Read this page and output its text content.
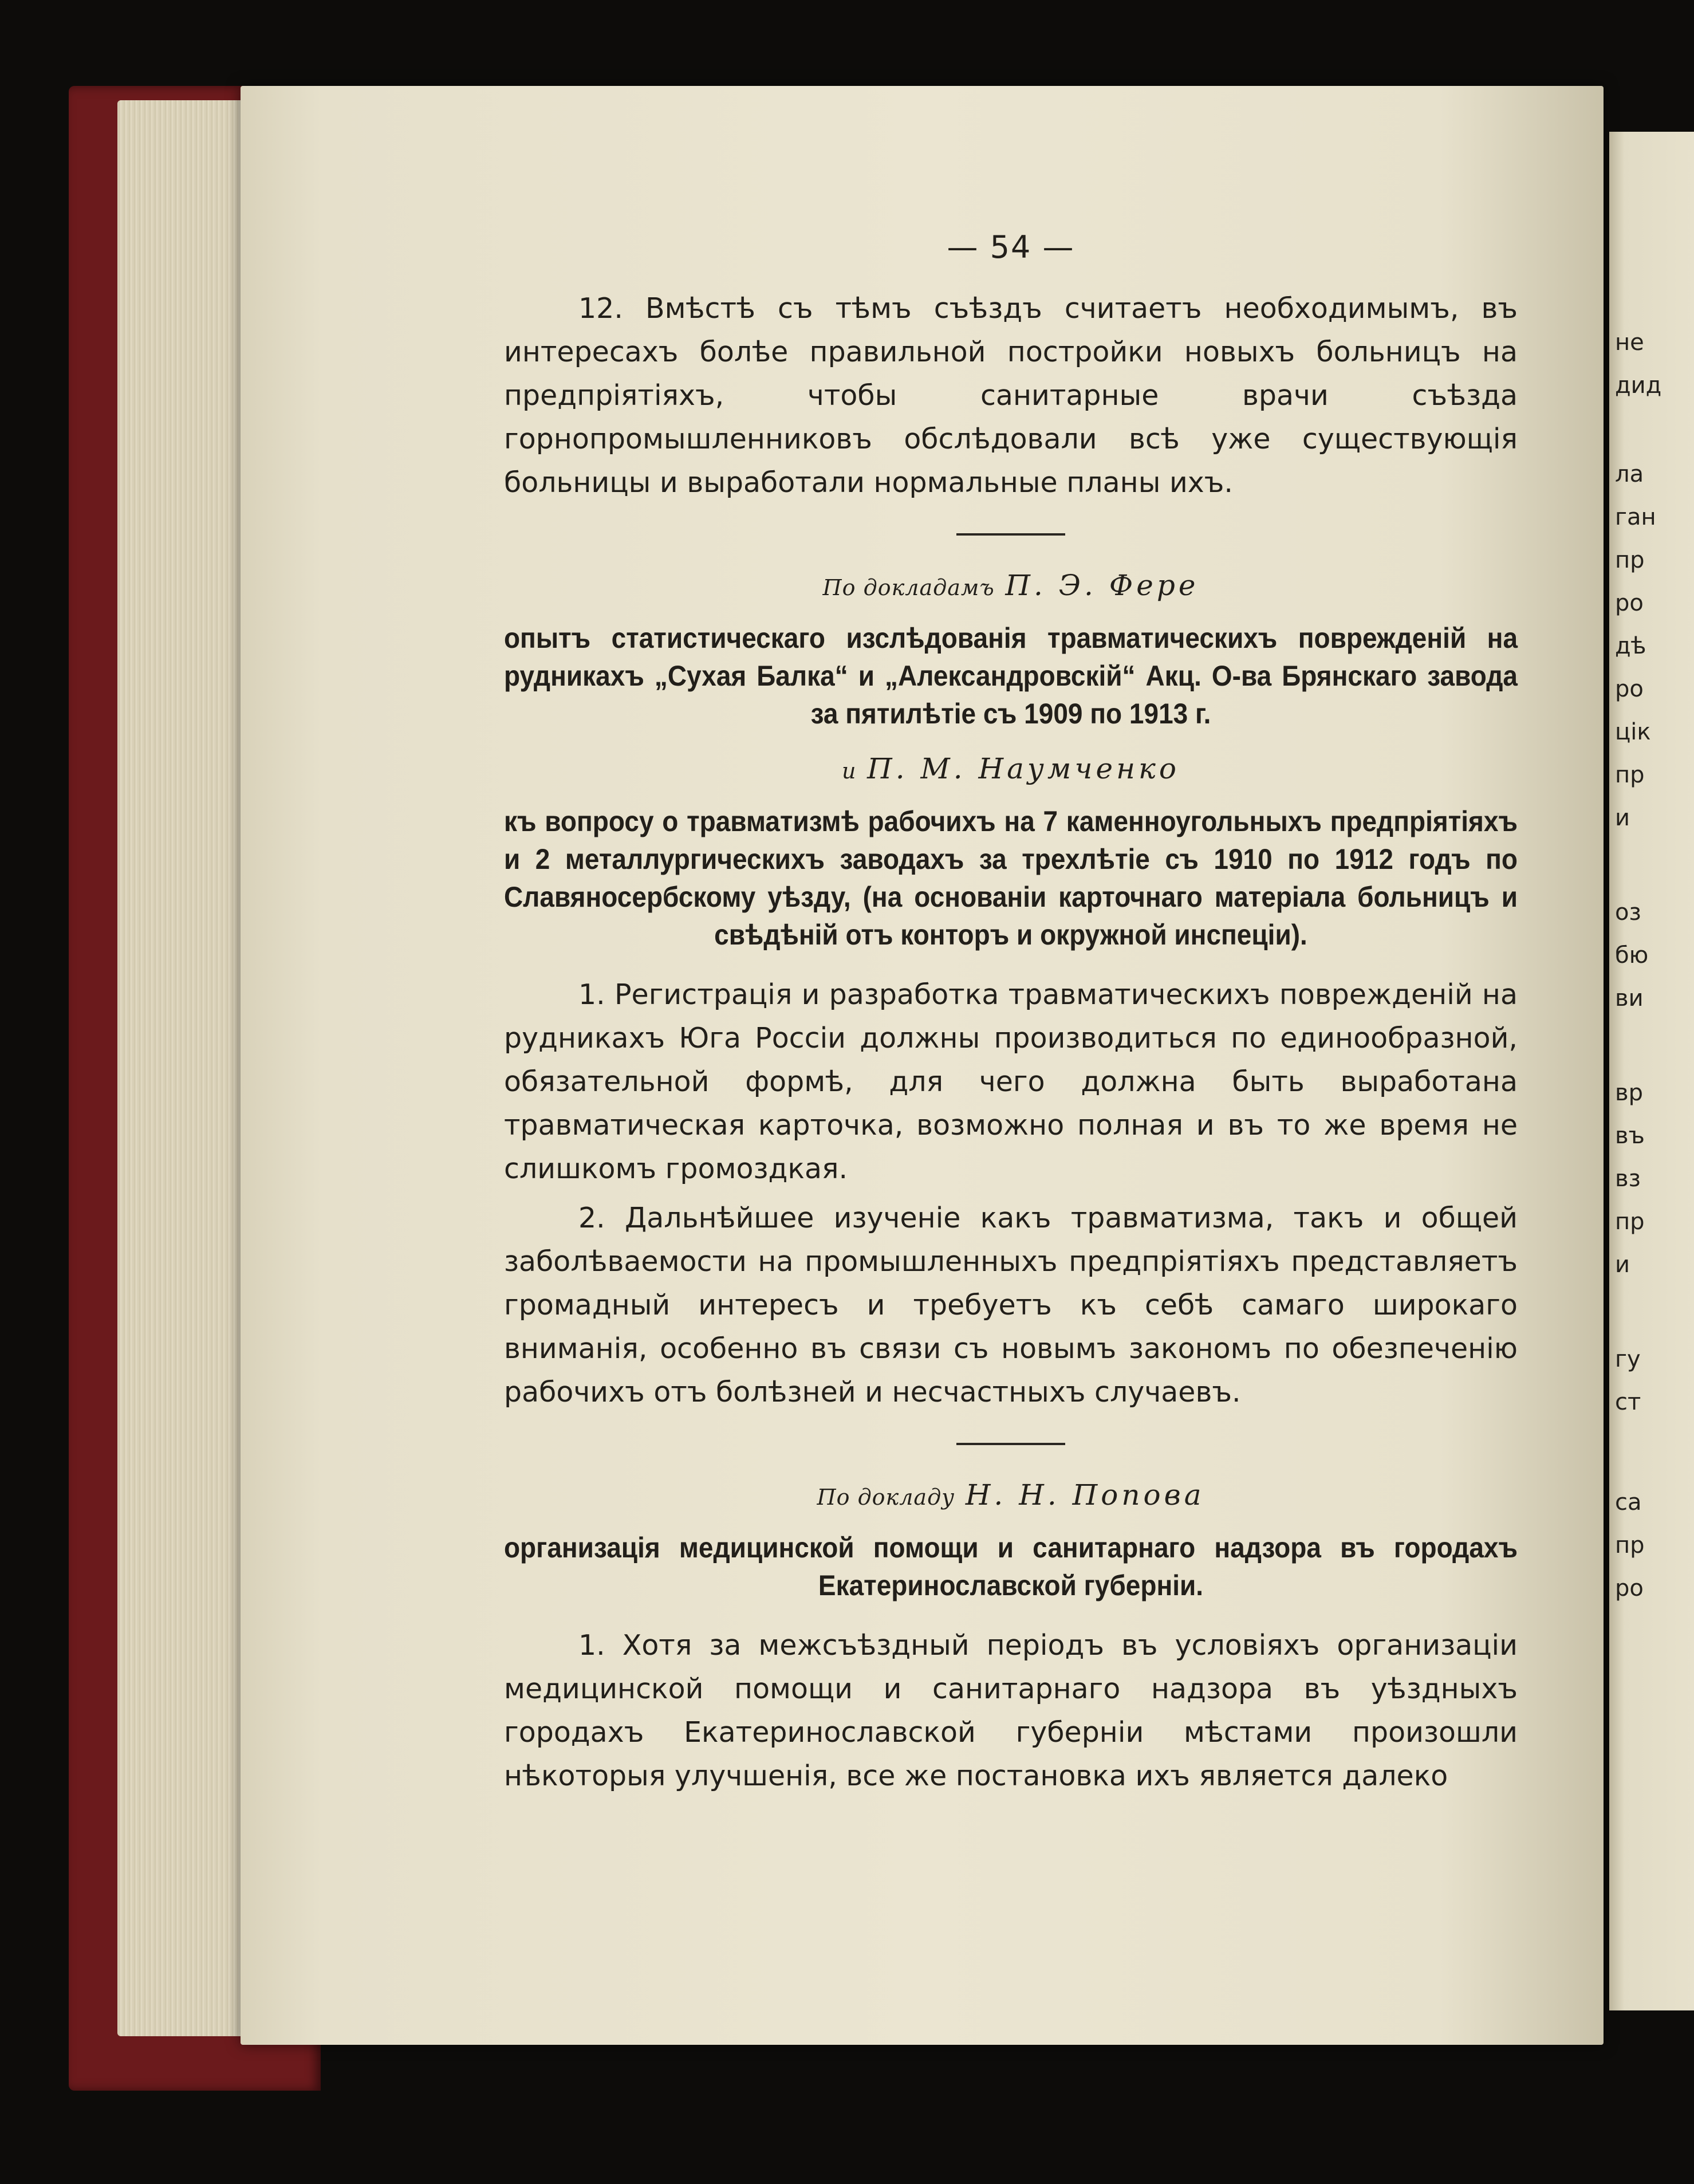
не
дид
ла
ган
пр
ро
дѣ
ро
цік
пр
и
оз
бю
ви
вр
въ
вз
пр
и
гу
ст
са
пр
ро
— 54 —

12. Вмѣстѣ съ тѣмъ съѣздъ считаетъ необходимымъ, въ интересахъ болѣе правильной постройки новыхъ больницъ на предпріятіяхъ, чтобы санитарные врачи съѣзда горнопромышленниковъ обслѣдовали всѣ уже существующія больницы и выработали нормальные планы ихъ.

По докладамъ П. Э. Фере
опытъ статистическаго изслѣдованія травматическихъ поврежденій на рудникахъ „Сухая Балка“ и „Александровскій“ Акц. О-ва Брянскаго завода за пятилѣтіе съ 1909 по 1913 г.
и П. М. Наумченко
къ вопросу о травматизмѣ рабочихъ на 7 каменноугольныхъ предпріятіяхъ и 2 металлургическихъ заводахъ за трехлѣтіе съ 1910 по 1912 годъ по Славяносербскому уѣзду, (на основаніи карточнаго матеріала больницъ и свѣдѣній отъ конторъ и окружной инспеціи).

1. Регистрація и разработка травматическихъ повреждeній на рудникахъ Юга Россіи должны производиться по единообразной, обязательной формѣ, для чего должна быть выработана травматическая карточка, возможно полная и въ то же время не слишкомъ громоздкая.

2. Дальнѣйшее изученіе какъ травматизма, такъ и общей заболѣваемости на промышленныхъ предпріятіяхъ представляетъ громадный интересъ и требуетъ къ себѣ самаго широкаго вниманія, особенно въ связи съ новымъ закономъ по обезпеченію рабочихъ отъ болѣзней и несчастныхъ случаевъ.

По докладу Н. Н. Попова
организація медицинской помощи и санитарнаго надзора въ городахъ Екатеринославской губерніи.

1. Хотя за межсъѣздный періодъ въ условіяхъ организаціи медицинской помощи и санитарнаго надзора въ уѣздныхъ городахъ Екатеринославской губерніи мѣстами произошли нѣкоторыя улучшенія, все же постановка ихъ является далеко
